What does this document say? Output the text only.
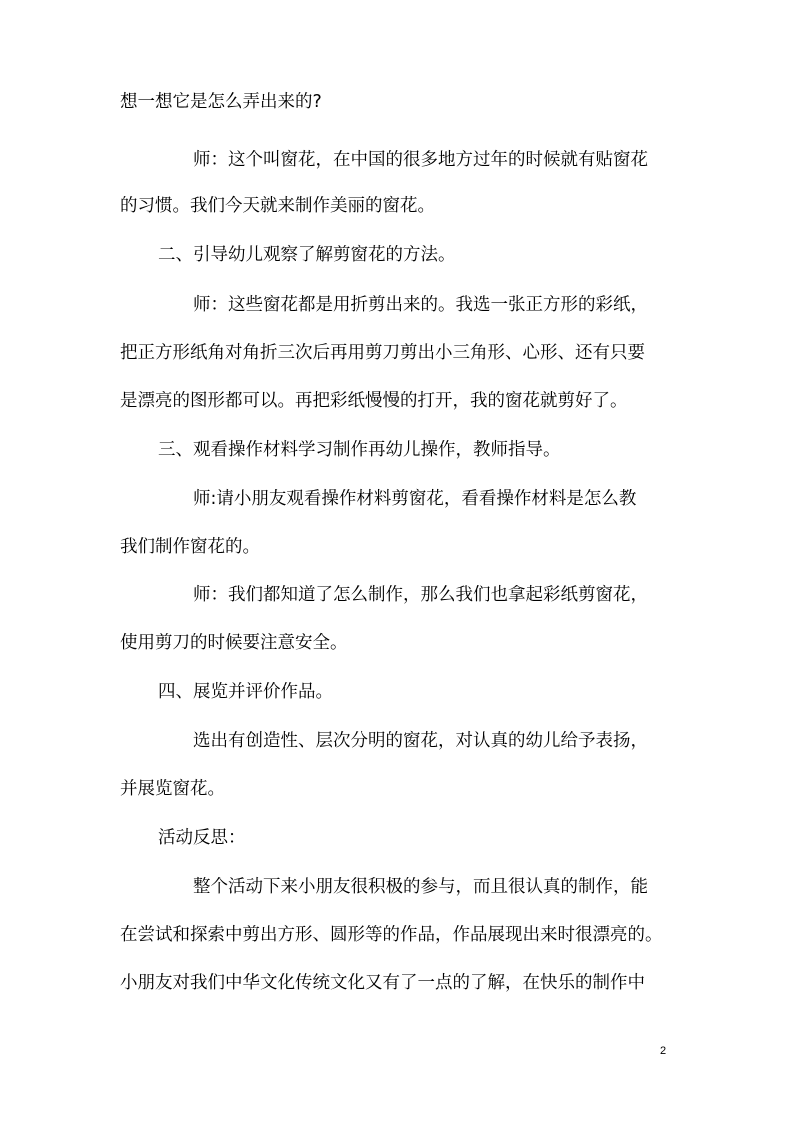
想一想它是怎么弄出来的?
师：这个叫窗花，在中国的很多地方过年的时候就有贴窗花
的习惯。我们今天就来制作美丽的窗花。
二、引导幼儿观察了解剪窗花的方法。
师：这些窗花都是用折剪出来的。我选一张正方形的彩纸，
把正方形纸角对角折三次后再用剪刀剪出小三角形、心形、还有只要
是漂亮的图形都可以。再把彩纸慢慢的打开，我的窗花就剪好了。
三、观看操作材料学习制作再幼儿操作，教师指导。
师:请小朋友观看操作材料剪窗花，看看操作材料是怎么教
我们制作窗花的。
师：我们都知道了怎么制作，那么我们也拿起彩纸剪窗花，
使用剪刀的时候要注意安全。
四、展览并评价作品。
选出有创造性、层次分明的窗花，对认真的幼儿给予表扬，
并展览窗花。
活动反思：
整个活动下来小朋友很积极的参与，而且很认真的制作，能
在尝试和探索中剪出方形、圆形等的作品，作品展现出来时很漂亮的。
小朋友对我们中华文化传统文化又有了一点的了解，在快乐的制作中
2
